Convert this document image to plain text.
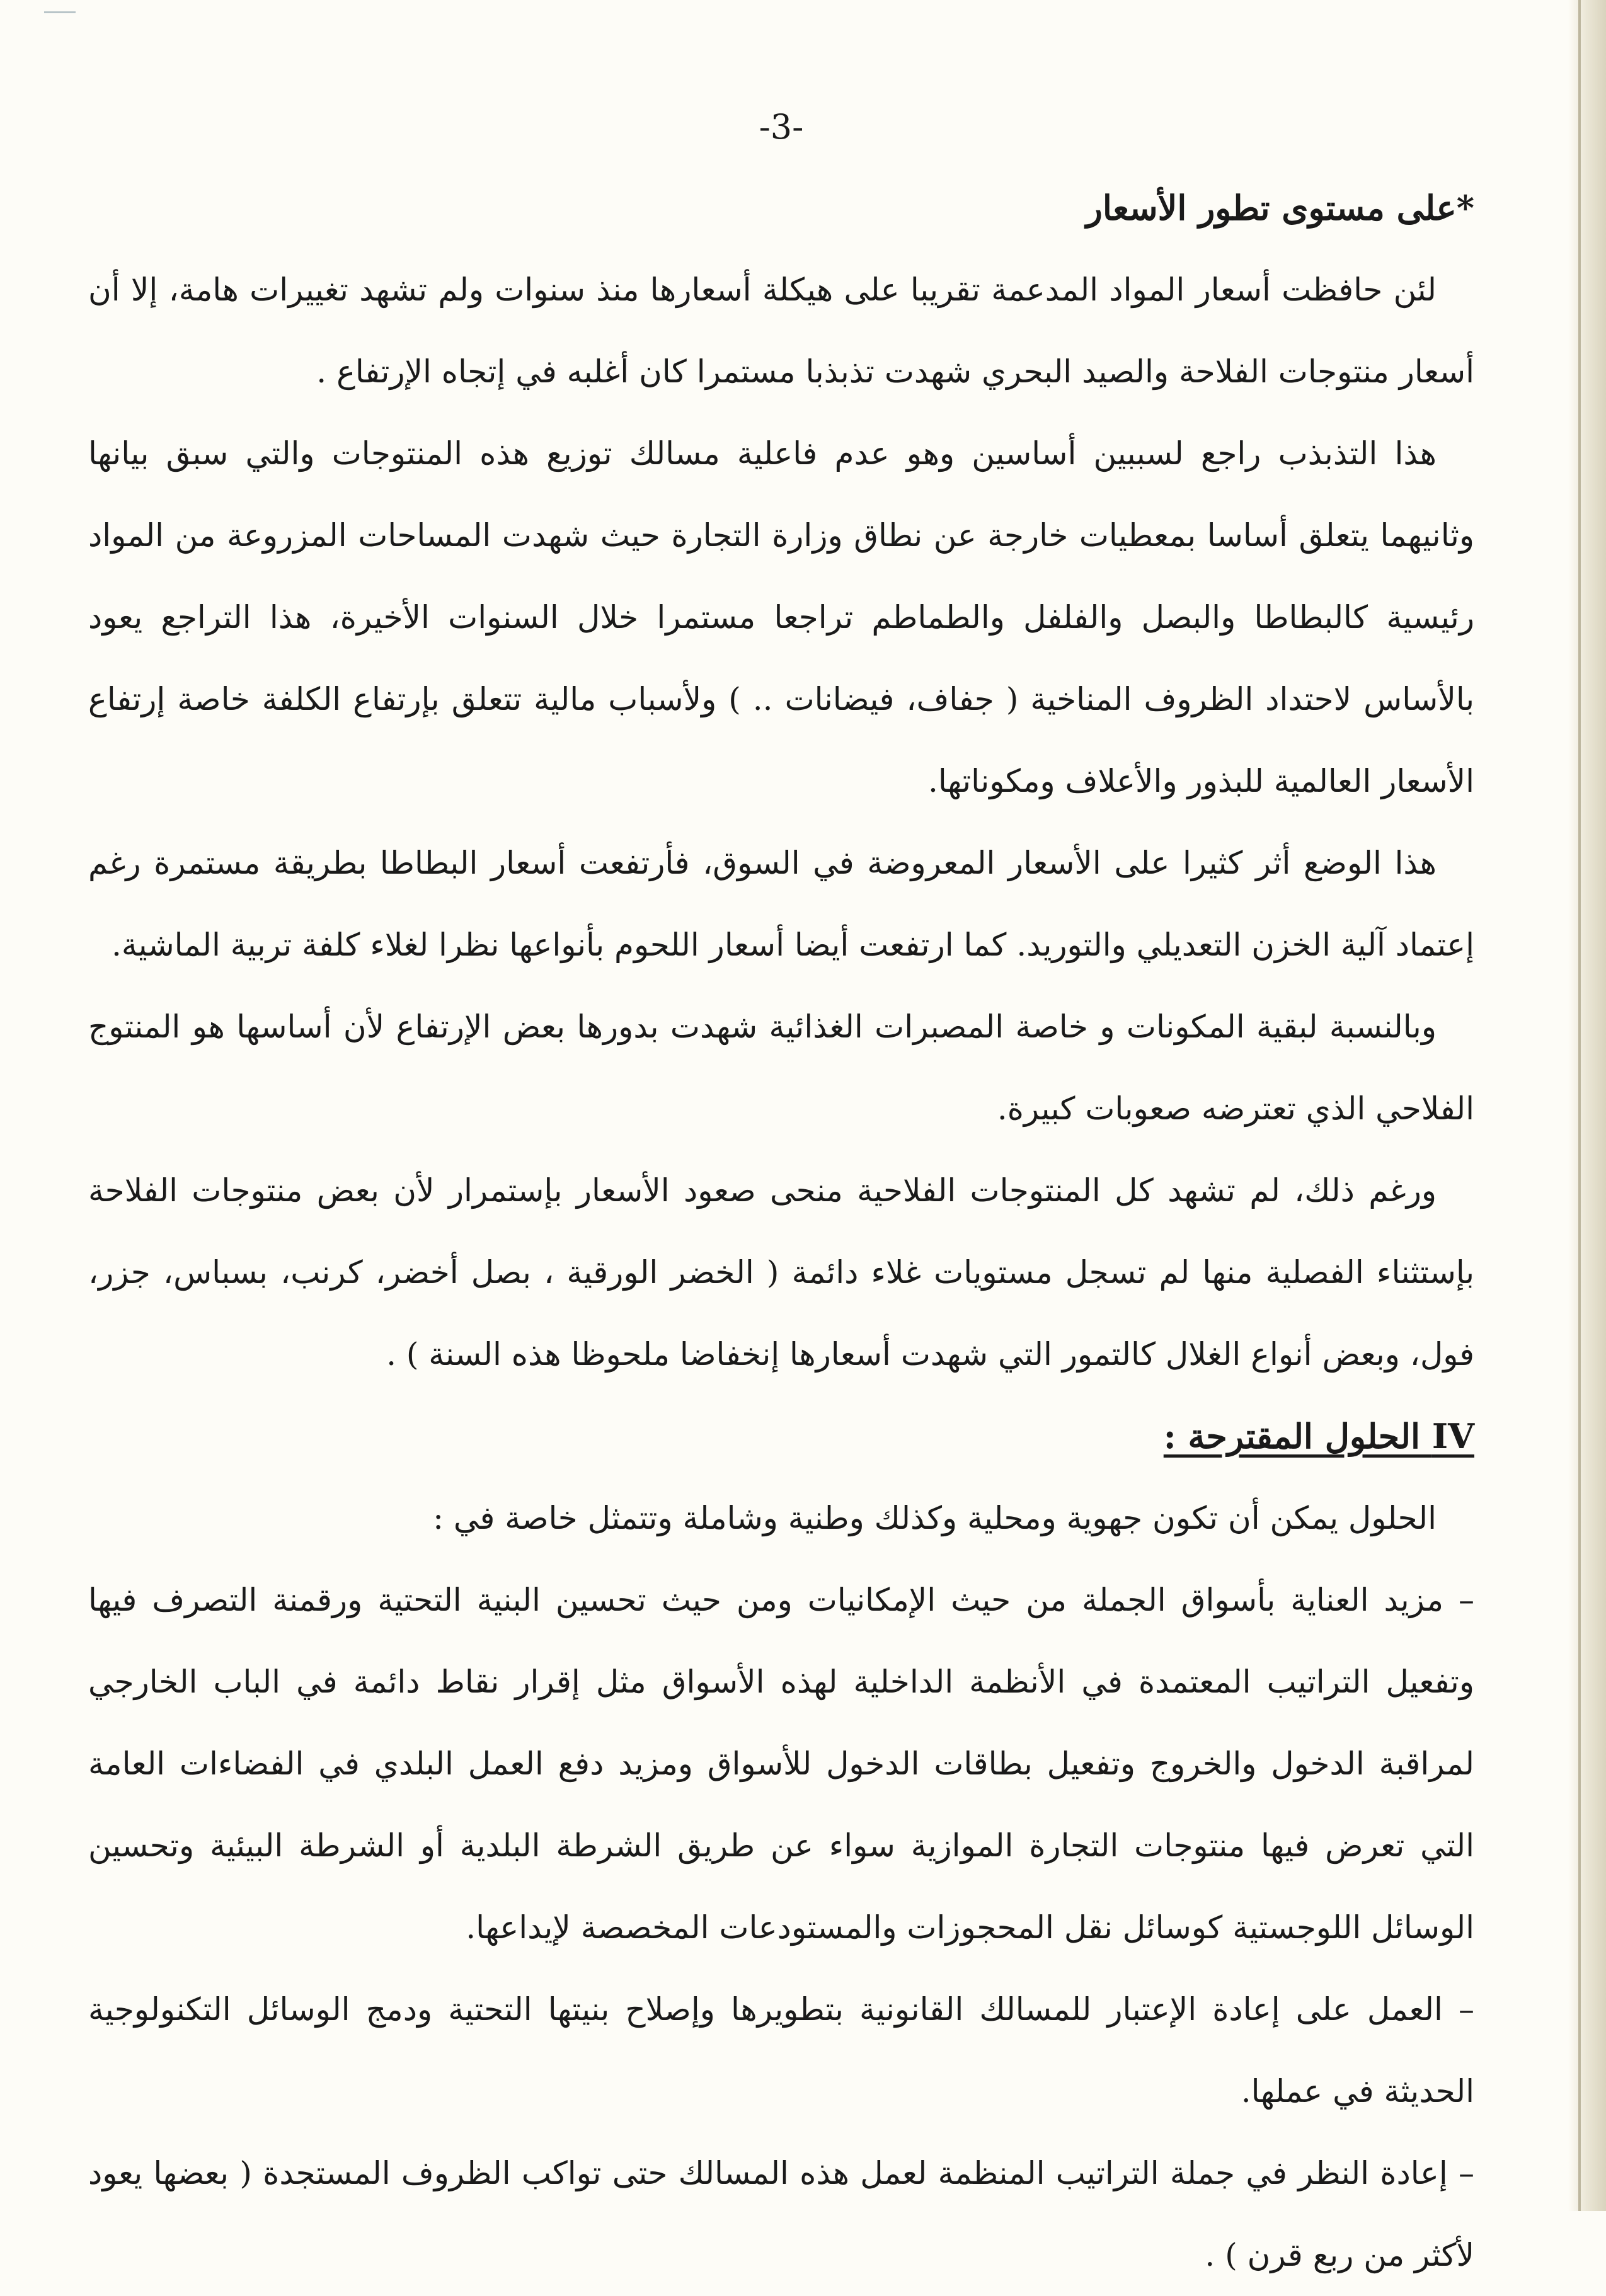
-3-

*على مستوى تطور الأسعار

لئن حافظت أسعار المواد المدعمة تقريبا على هيكلة أسعارها منذ سنوات ولم تشهد تغييرات هامة، إلا أن أسعار منتوجات الفلاحة والصيد البحري شهدت تذبذبا مستمرا كان أغلبه في إتجاه الإرتفاع .

هذا التذبذب راجع لسببين أساسين وهو عدم فاعلية مسالك توزيع هذه المنتوجات والتي سبق بيانها وثانيهما يتعلق أساسا بمعطيات خارجة عن نطاق وزارة التجارة حيث شهدت المساحات المزروعة من المواد رئيسية كالبطاطا والبصل والفلفل والطماطم تراجعا مستمرا خلال السنوات الأخيرة، هذا التراجع يعود بالأساس لاحتداد الظروف المناخية ( جفاف، فيضانات .. ) ولأسباب مالية تتعلق بإرتفاع الكلفة خاصة إرتفاع الأسعار العالمية للبذور والأعلاف ومكوناتها.

هذا الوضع أثر كثيرا على الأسعار المعروضة في السوق، فأرتفعت أسعار البطاطا بطريقة مستمرة رغم إعتماد آلية الخزن التعديلي والتوريد. كما ارتفعت أيضا أسعار اللحوم بأنواعها نظرا لغلاء كلفة تربية الماشية.

وبالنسبة لبقية المكونات و خاصة المصبرات الغذائية شهدت بدورها بعض الإرتفاع لأن أساسها هو المنتوج الفلاحي الذي تعترضه صعوبات كبيرة.

ورغم ذلك، لم تشهد كل المنتوجات الفلاحية منحى صعود الأسعار بإستمرار لأن بعض منتوجات الفلاحة بإستثناء الفصلية منها لم تسجل مستويات غلاء دائمة ( الخضر الورقية ، بصل أخضر، كرنب، بسباس، جزر، فول، وبعض أنواع الغلال كالتمور التي شهدت أسعارها إنخفاضا ملحوظا هذه السنة ) .

IV الحلول المقترحة :

الحلول يمكن أن تكون جهوية ومحلية وكذلك وطنية وشاملة وتتمثل خاصة في :

– مزيد العناية بأسواق الجملة من حيث الإمكانيات ومن حيث تحسين البنية التحتية ورقمنة التصرف فيها وتفعيل التراتيب المعتمدة في الأنظمة الداخلية لهذه الأسواق مثل إقرار نقاط دائمة في الباب الخارجي لمراقبة الدخول والخروج وتفعيل بطاقات الدخول للأسواق ومزيد دفع العمل البلدي في الفضاءات العامة التي تعرض فيها منتوجات التجارة الموازية سواء عن طريق الشرطة البلدية أو الشرطة البيئية وتحسين الوسائل اللوجستية كوسائل نقل المحجوزات والمستودعات المخصصة لإيداعها.

– العمل على إعادة الإعتبار للمسالك القانونية بتطويرها وإصلاح بنيتها التحتية ودمج الوسائل التكنولوجية الحديثة في عملها.

– إعادة النظر في جملة التراتيب المنظمة لعمل هذه المسالك حتى تواكب الظروف المستجدة ( بعضها يعود لأكثر من ربع قرن ) .
